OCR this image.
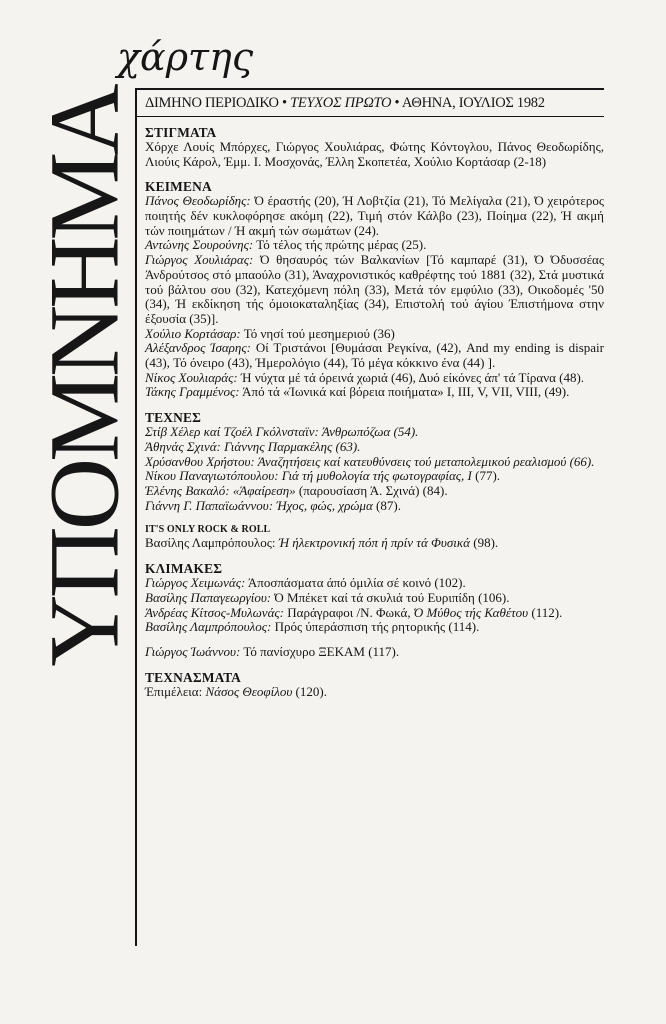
χάρτης
ΥΠΟΜΝΗΜΑ ΔΙΜΗΝΟ ΠΕΡΙΟΔΙΚΟ • ΤΕΥΧΟΣ ΠΡΩΤΟ • ΑΘΗΝΑ, ΙΟΥΛΙΟΣ 1982
ΣΤΙΓΜΑΤΑ
Χόρχε Λουίς Μπόρχες, Γιώργος Χουλιάρας, Φώτης Κόντογλου, Πάνος Θεοδωρίδης, Λιούις Κάρολ, Έμμ. Ι. Μοσχονάς, Έλλη Σκοπετέα, Χούλιο Κορτάσαρ (2-18)
ΚΕΙΜΕΝΑ
Πάνος Θεοδωρίδης: Ό έραστής (20), Ή Λοβτζία (21), Τό Μελίγαλα (21), Ό χειρότερος ποιητής δέν κυκλοφόρησε ακόμη (22), Τιμή στόν Κάλβο (23), Ποίημα (22), Ή ακμή τών ποιημάτων / Ή ακμή τών σωμάτων (24).
Αντώνης Σουρούνης: Τό τέλος τής πρώτης μέρας (25).
Γιώργος Χουλιάρας: Ό θησαυρός τών Βαλκανίων [Τό καμπαρέ (31), Ό Όδυσσέας Άνδρούτσος στό μπαούλο (31), Άναχρονιστικός καθρέφτης τού 1881 (32), Στά μυστικά τού βάλτου σου (32), Κατεχόμενη πόλη (33), Μετά τόν εμφύλιο (33), Οικοδομές '50 (34), Ή εκδίκηση τής όμοιοκαταληξίας (34), Επιστολή τού άγίου Έπιστήμονα στην έξουσία (35)].
Χούλιο Κορτάσαρ: Τό νησί τού μεσημεριού (36)
Αλέξανδρος Ίσαρης: Οί Τριστάνοι [Θυμάσαι Ρεγκίνα, (42), And my ending is dispair (43), Τό όνειρο (43), Ήμερολόγιο (44), Τό μέγα κόκκινο ένα (44) ].
Νίκος Χουλιαράς: Ή νύχτα μέ τά όρεινά χωριά (46), Δυό είκόνες άπ' τά Τίρανα (48).
Τάκης Γραμμένος: Άπό τά «Ίωνικά καί βόρεια ποιήματα» Ι, ΙΙΙ, V, VII, VIII, (49).
ΤΕΧΝΕΣ
Στίβ Χέλερ καί Τζοέλ Γκόλνσταϊν: Άνθρωπόζωα (54).
Άθηνάς Σχινά: Γιάννης Παρμακέλης (63).
Χρύσανθου Χρήστου: Άναζητήσεις καί κατευθύνσεις τού μεταπολεμικού ρεαλισμού (66).
Νίκου Παναγιωτόπουλου: Γιά τή μυθολογία τής φωτογραφίας, Ι (77).
Έλένης Βακαλό: «Άφαίρεση» (παρουσίαση Ά. Σχινά) (84).
Γιάννη Γ. Παπαϊωάννου: Ήχος, φώς, χρώμα (87).
IT'S ONLY ROCK & ROLL
Βασίλης Λαμπρόπουλος: Ή ήλεκτρονική πόπ ή πρίν τά Φυσικά (98).
ΚΛΙΜΑΚΕΣ
Γιώργος Χειμωνάς: Άποσπάσματα άπό όμιλία σέ κοινό (102).
Βασίλης Παπαγεωργίου: Ό Μπέκετ καί τά σκυλιά τού Ευριπίδη (106).
Άνδρέας Κίτσος-Μυλωνάς: Παράγραφοι /Ν. Φωκά, Ό Μύθος τής Καθέτου (112).
Βασίλης Λαμπρόπουλος: Πρός ύπεράσπιση τής ρητορικής (114).
Γιώργος Ίωάννου: Τό πανίσχυρο ΞΕΚΑΜ (117).
ΤΕΧΝΑΣΜΑΤΑ
Έπιμέλεια: Νάσος Θεοφίλου (120).
